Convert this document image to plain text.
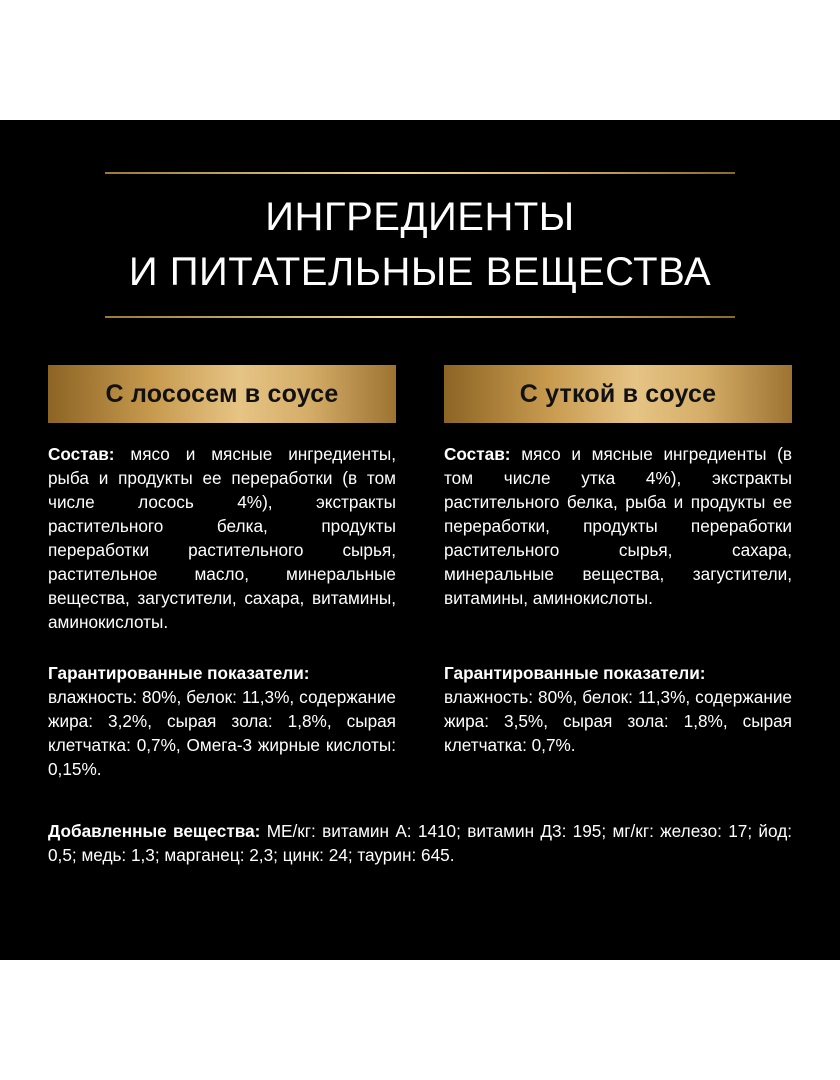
ИНГРЕДИЕНТЫ
И ПИТАТЕЛЬНЫЕ ВЕЩЕСТВА
С лососем в соусе	С уткой в соусе
Состав: мясо и мясные ингредиенты, рыба и продукты ее переработки (в том числе лосось 4%), экстракты растительного белка, продукты переработки растительного сырья, растительное масло, минеральные вещества, загустители, сахара, витамины, аминокислоты.
Состав: мясо и мясные ингредиенты (в том числе утка 4%), экстракты растительного белка, рыба и продукты ее переработки, продукты переработки растительного сырья, сахара, минеральные вещества, загустители, витамины, аминокислоты.
Гарантированные показатели:
влажность: 80%, белок: 11,3%, содержание жира: 3,2%, сырая зола: 1,8%, сырая клетчатка: 0,7%, Омега-3 жирные кислоты: 0,15%.
Гарантированные показатели:
влажность: 80%, белок: 11,3%, содержание жира: 3,5%, сырая зола: 1,8%, сырая клетчатка: 0,7%.
Добавленные вещества: МЕ/кг: витамин А: 1410; витамин Д3: 195; мг/кг: железо: 17; йод: 0,5; медь: 1,3; марганец: 2,3; цинк: 24; таурин: 645.
